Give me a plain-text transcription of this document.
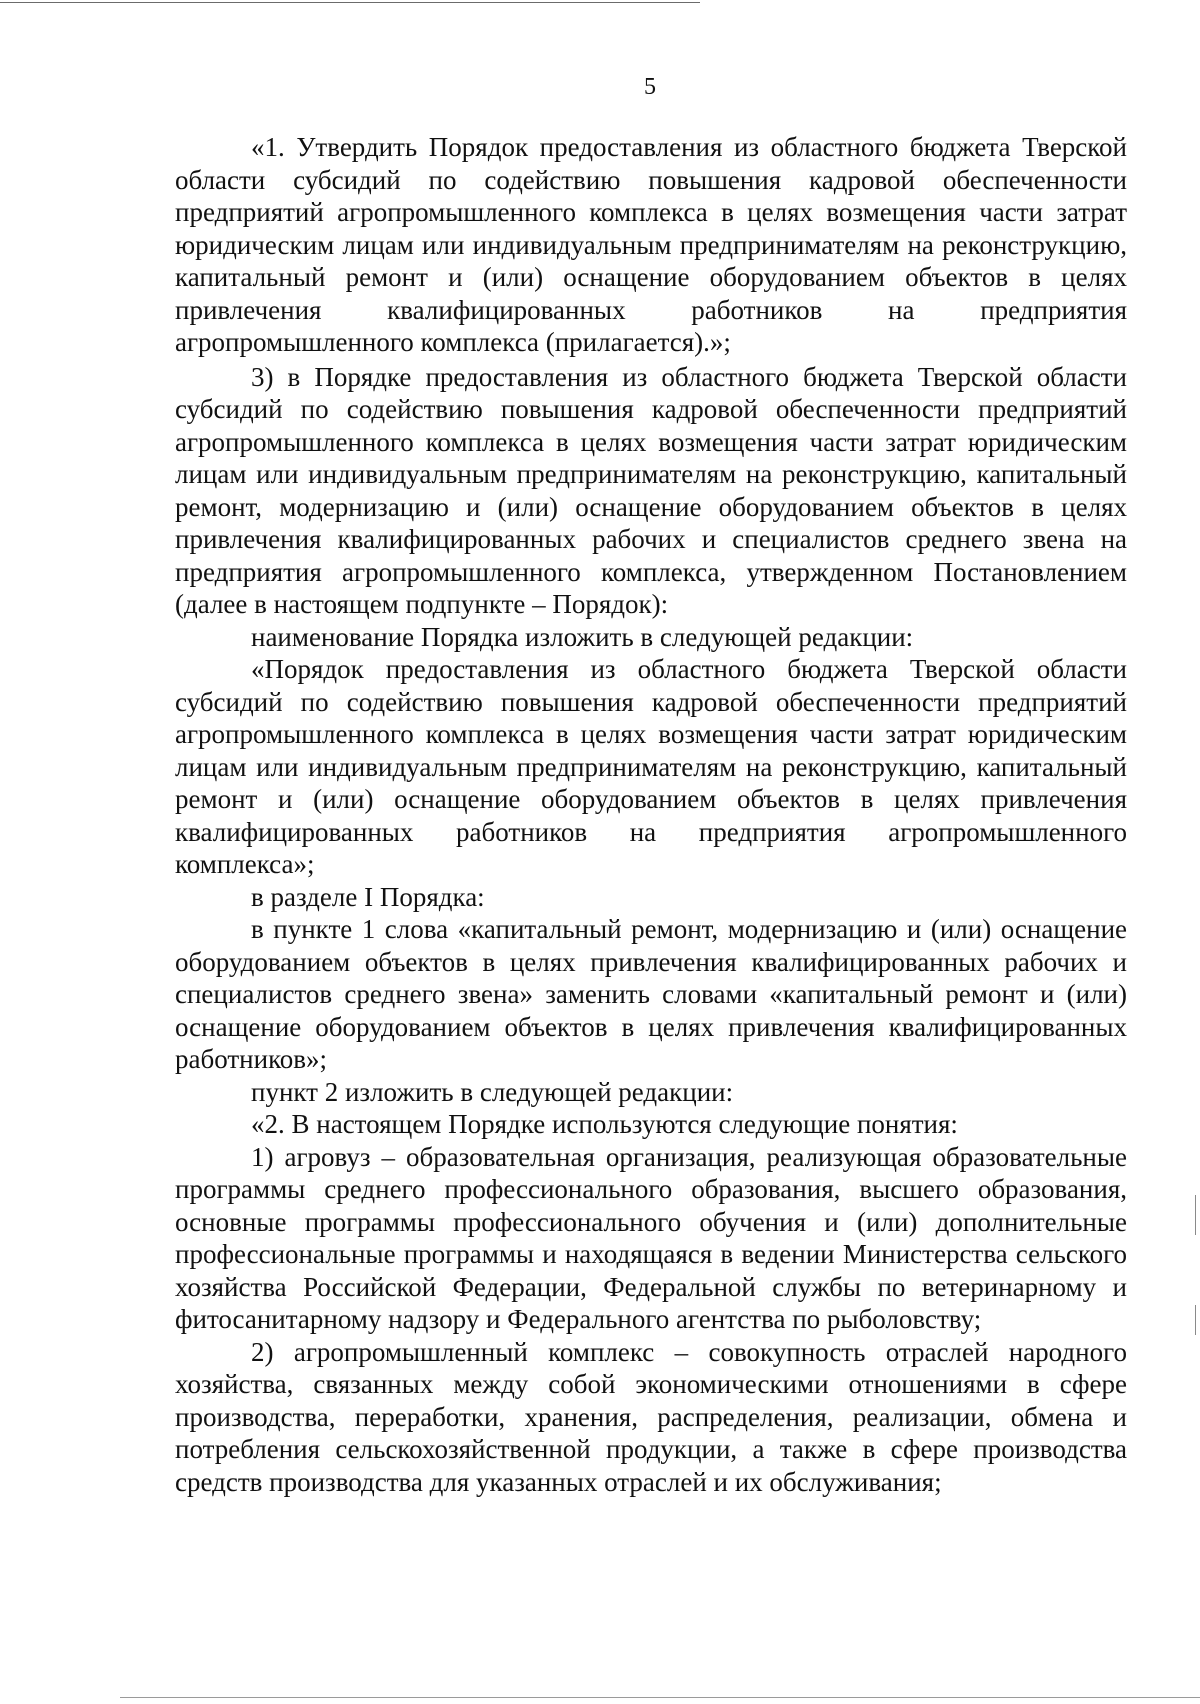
5

«1. Утвердить Порядок предоставления из областного бюджета Тверской области субсидий по содействию повышения кадровой обеспеченности предприятий агропромышленного комплекса в целях возмещения части затрат юридическим лицам или индивидуальным предпринимателям на реконструкцию, капитальный ремонт и (или) оснащение оборудованием объектов в целях привлечения квалифицированных работников на предприятия агропромышленного комплекса (прилагается).»;

3) в Порядке предоставления из областного бюджета Тверской области субсидий по содействию повышения кадровой обеспеченности предприятий агропромышленного комплекса в целях возмещения части затрат юридическим лицам или индивидуальным предпринимателям на реконструкцию, капитальный ремонт, модернизацию и (или) оснащение оборудованием объектов в целях привлечения квалифицированных рабочих и специалистов среднего звена на предприятия агропромышленного комплекса, утвержденном Постановлением (далее в настоящем подпункте – Порядок):

наименование Порядка изложить в следующей редакции:

«Порядок предоставления из областного бюджета Тверской области субсидий по содействию повышения кадровой обеспеченности предприятий агропромышленного комплекса в целях возмещения части затрат юридическим лицам или индивидуальным предпринимателям на реконструкцию, капитальный ремонт и (или) оснащение оборудованием объектов в целях привлечения квалифицированных работников на предприятия агропромышленного комплекса»;

в разделе I Порядка:

в пункте 1 слова «капитальный ремонт, модернизацию и (или) оснащение оборудованием объектов в целях привлечения квалифицированных рабочих и специалистов среднего звена» заменить словами «капитальный ремонт и (или) оснащение оборудованием объектов в целях привлечения квалифицированных работников»;

пункт 2 изложить в следующей редакции:

«2. В настоящем Порядке используются следующие понятия:

1) агровуз – образовательная организация, реализующая образовательные программы среднего профессионального образования, высшего образования, основные программы профессионального обучения и (или) дополнительные профессиональные программы и находящаяся в ведении Министерства сельского хозяйства Российской Федерации, Федеральной службы по ветеринарному и фитосанитарному надзору и Федерального агентства по рыболовству;

2) агропромышленный комплекс – совокупность отраслей народного хозяйства, связанных между собой экономическими отношениями в сфере производства, переработки, хранения, распределения, реализации, обмена и потребления сельскохозяйственной продукции, а также в сфере производства средств производства для указанных отраслей и их обслуживания;
